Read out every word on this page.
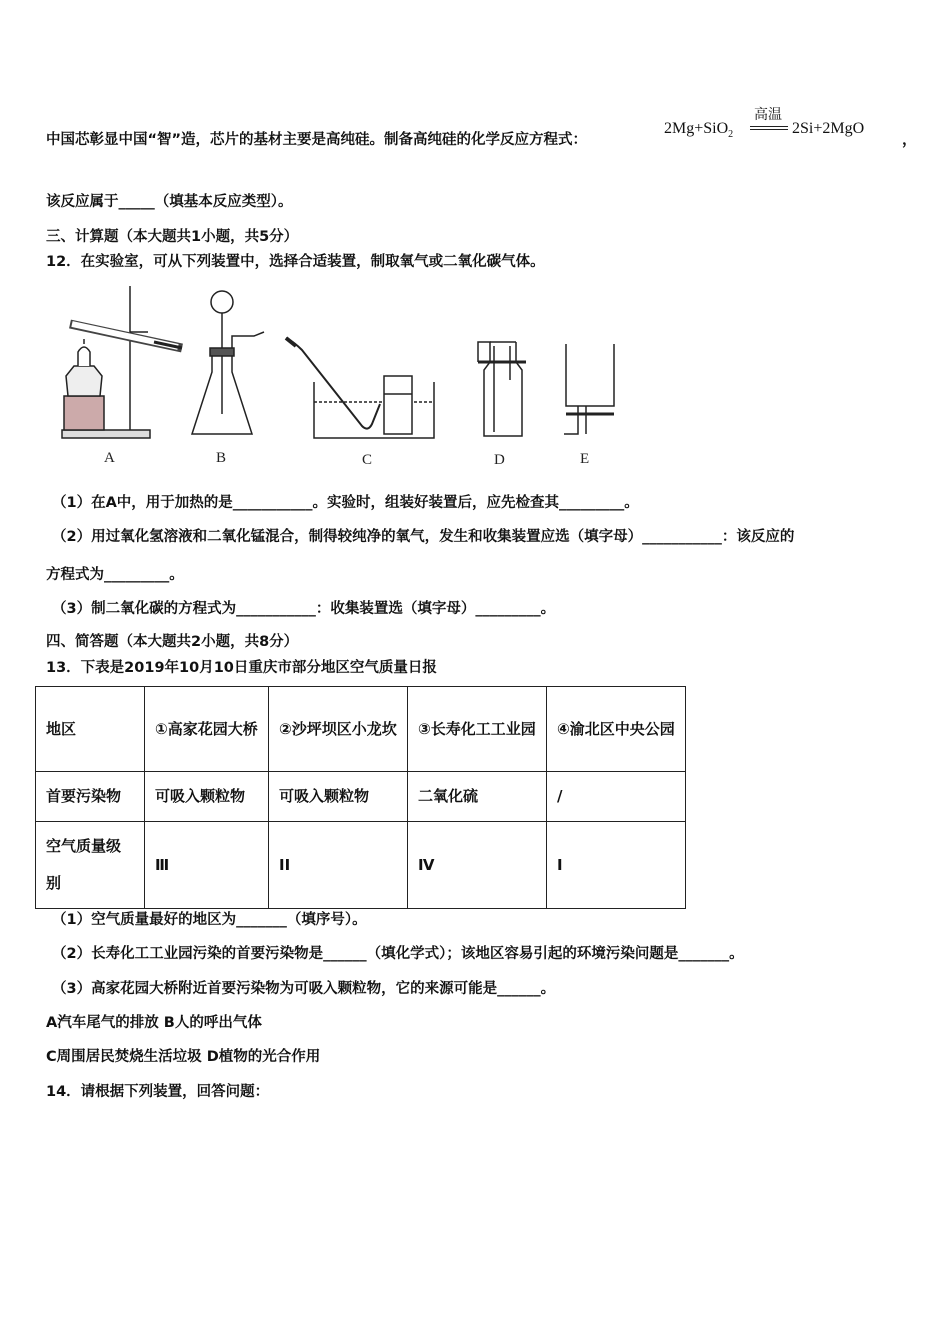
中国芯彰显中国“智”造，芯片的基材主要是高纯硅。制备高纯硅的化学反应方程式：
2Mg+SiO$_2$
高温
2Si+2MgO
，
该反应属于_____（填基本反应类型）。
三、计算题（本大题共1小题，共5分）
12．在实验室，可从下列装置中，选择合适装置，制取氧气或二氧化碳气体。
A	B	C	D	E
（1）在A中，用于加热的是___________。实验时，组装好装置后，应先检查其_________。
（2）用过氧化氢溶液和二氧化锰混合，制得较纯净的氧气，发生和收集装置应选（填字母）___________：该反应的
方程式为_________。
（3）制二氧化碳的方程式为___________：收集装置选（填字母）_________。
四、简答题（本大题共2小题，共8分）
13．下表是2019年10月10日重庆市部分地区空气质量日报
地区	①高家花园大桥	②沙坪坝区小龙坎	③长寿化工工业园	④渝北区中央公园
首要污染物	可吸入颗粒物	可吸入颗粒物	二氧化硫	/
空气质量级别	Ⅲ	II	Ⅳ	I
（1）空气质量最好的地区为_______（填序号）。
（2）长寿化工工业园污染的首要污染物是______（填化学式）；该地区容易引起的环境污染问题是_______。
（3）高家花园大桥附近首要污染物为可吸入颗粒物，它的来源可能是______。
A汽车尾气的排放 B人的呼出气体
C周围居民焚烧生活垃圾 D植物的光合作用
14．请根据下列装置，回答问题：
